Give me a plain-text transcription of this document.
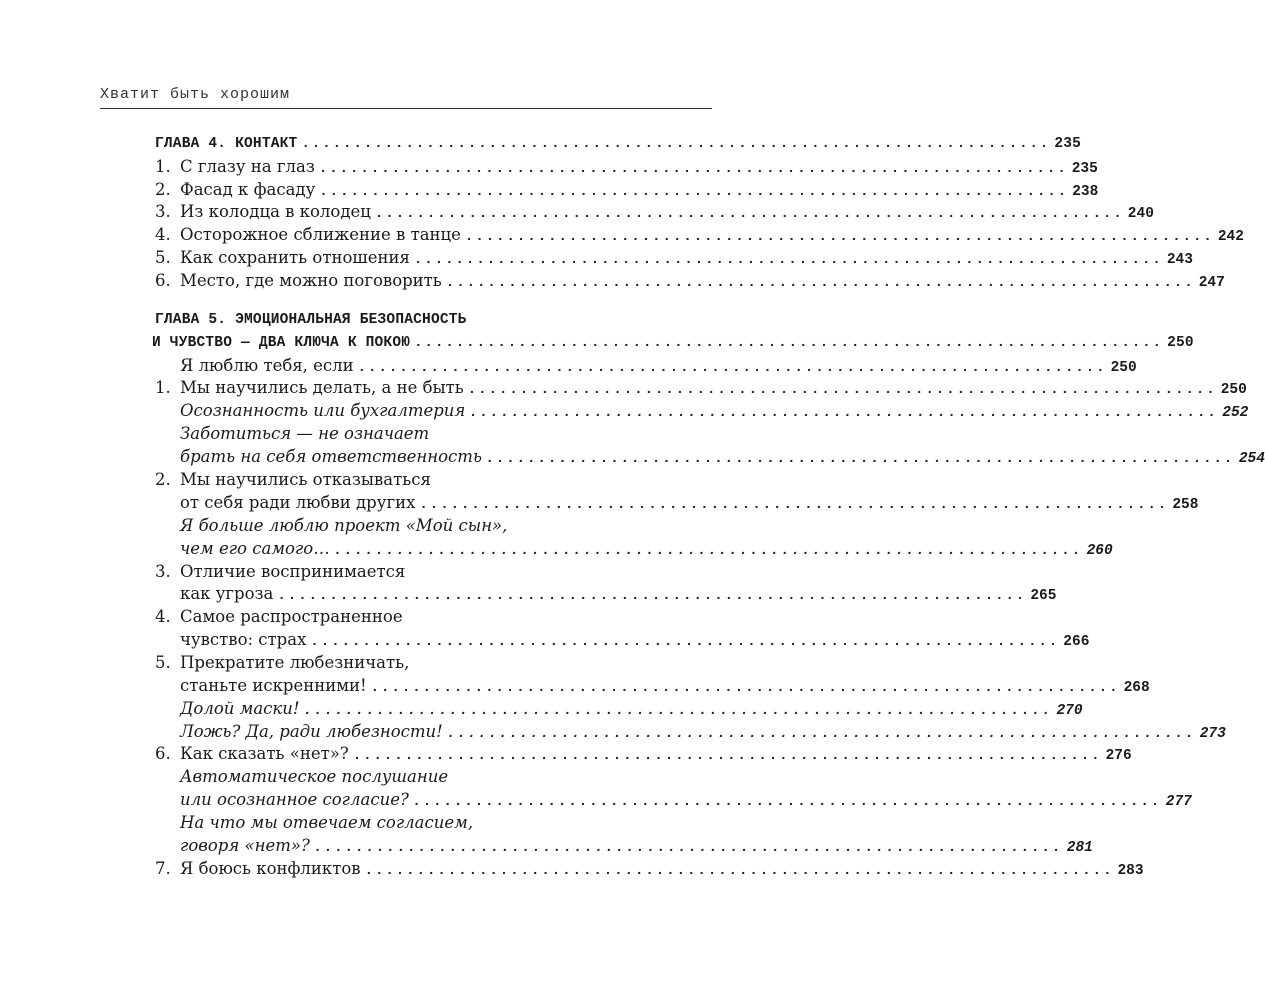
Хватит быть хорошим
ГЛАВА 4. КОНТАКТ ........................................................................ 235
1. С глазу на глаз ........................................................................ 235
2. Фасад к фасаду ........................................................................ 238
3. Из колодца в колодец ........................................................................ 240
4. Осторожное сближение в танце ........................................................................ 242
5. Как сохранить отношения ........................................................................ 243
6. Место, где можно поговорить ........................................................................ 247
ГЛАВА 5. ЭМОЦИОНАЛЬНАЯ БЕЗОПАСНОСТЬ
И ЧУВСТВО — ДВА КЛЮЧА К ПОКОЮ ........................................................................ 250
Я люблю тебя, если ........................................................................ 250
1. Мы научились делать, а не быть ........................................................................ 250
Осознанность или бухгалтерия ........................................................................ 252
Заботиться — не означает
брать на себя ответственность ........................................................................ 254
2. Мы научились отказываться
от себя ради любви других ........................................................................ 258
Я больше люблю проект «Мой сын»,
чем его самого… ........................................................................ 260
3. Отличие воспринимается
как угроза ........................................................................ 265
4. Самое распространенное
чувство: страх ........................................................................ 266
5. Прекратите любезничать,
станьте искренними! ........................................................................ 268
Долой маски! ........................................................................ 270
Ложь? Да, ради любезности! ........................................................................ 273
6. Как сказать «нет»? ........................................................................ 276
Автоматическое послушание
или осознанное согласие? ........................................................................ 277
На что мы отвечаем согласием,
говоря «нет»? ........................................................................ 281
7. Я боюсь конфликтов ........................................................................ 283
